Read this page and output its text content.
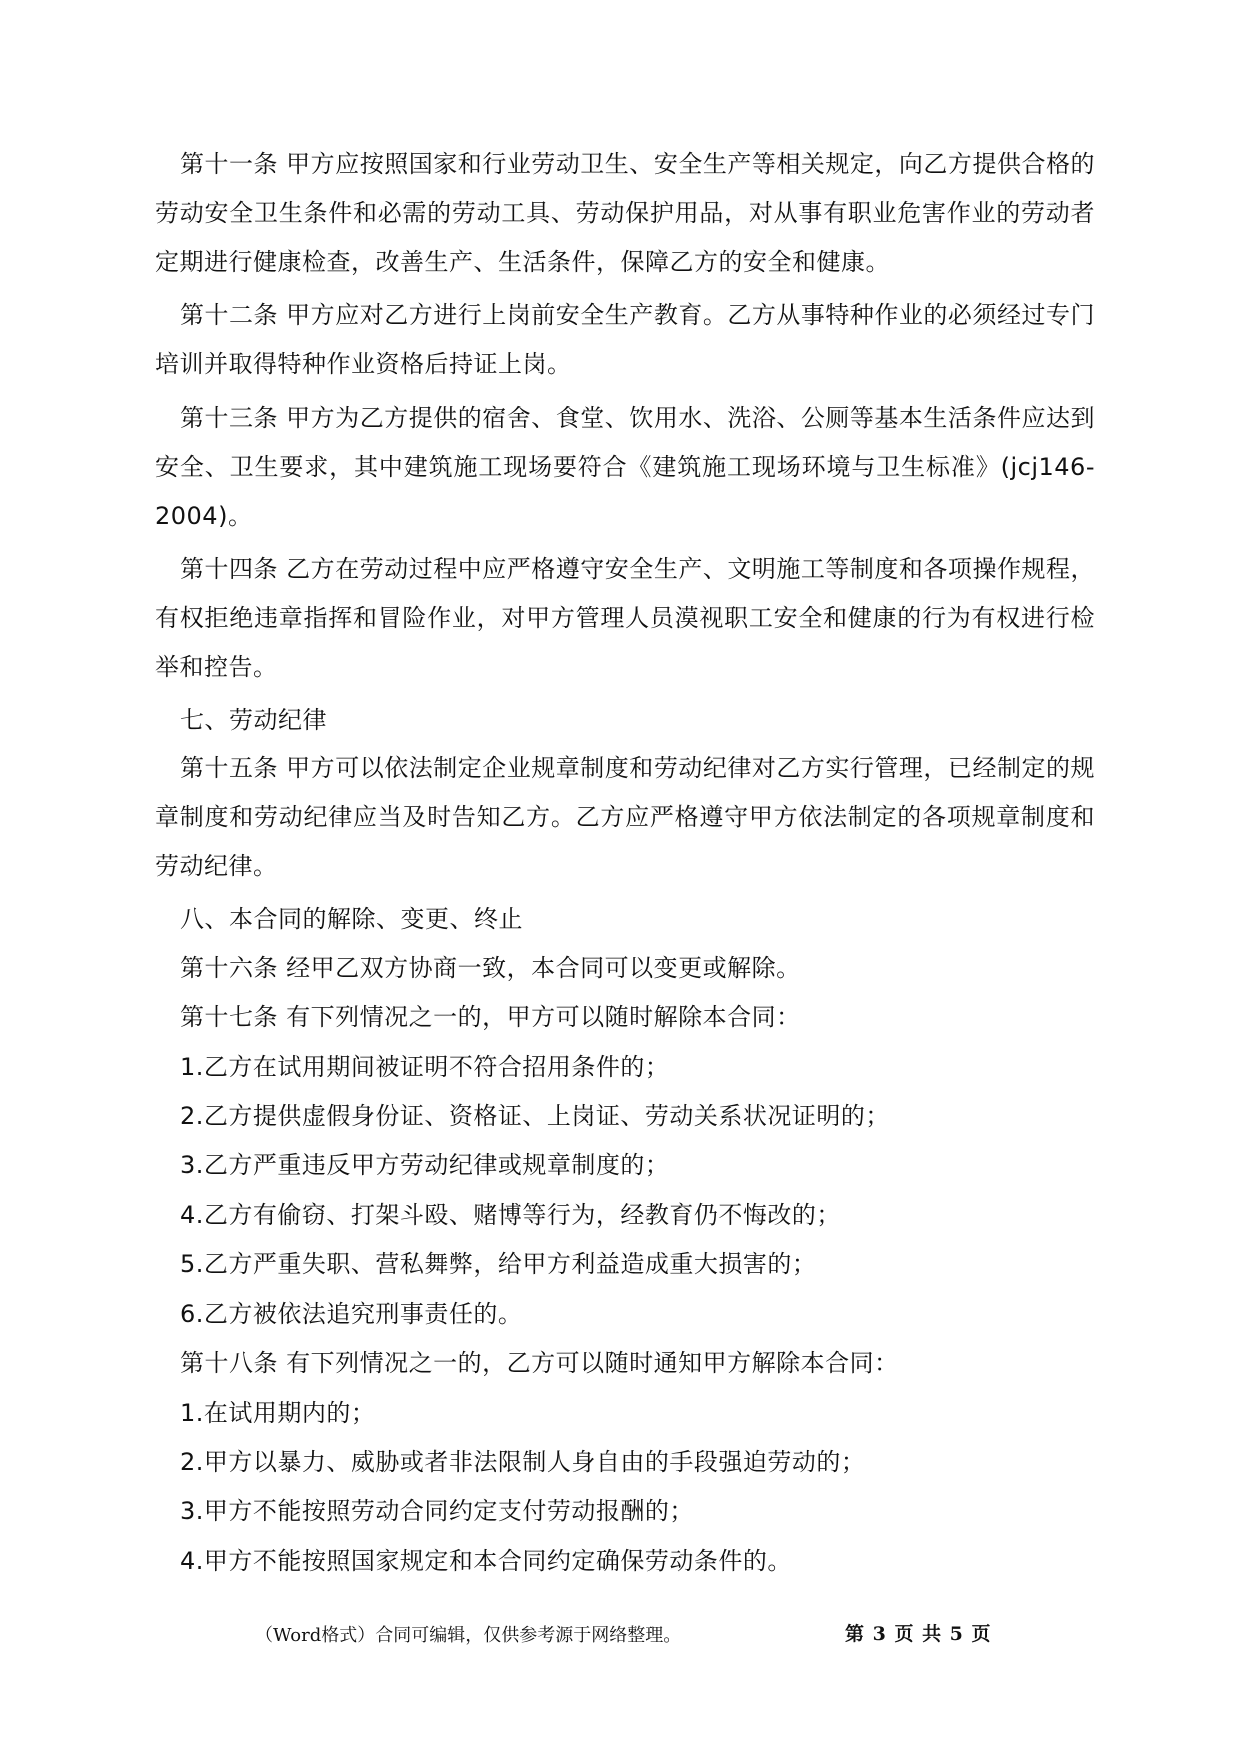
第十一条 甲方应按照国家和行业劳动卫生、安全生产等相关规定，向乙方提供合格的劳动安全卫生条件和必需的劳动工具、劳动保护用品，对从事有职业危害作业的劳动者定期进行健康检查，改善生产、生活条件，保障乙方的安全和健康。

第十二条 甲方应对乙方进行上岗前安全生产教育。乙方从事特种作业的必须经过专门培训并取得特种作业资格后持证上岗。

第十三条 甲方为乙方提供的宿舍、食堂、饮用水、洗浴、公厕等基本生活条件应达到安全、卫生要求，其中建筑施工现场要符合《建筑施工现场环境与卫生标准》(jcj146-2004)。

第十四条 乙方在劳动过程中应严格遵守安全生产、文明施工等制度和各项操作规程，有权拒绝违章指挥和冒险作业，对甲方管理人员漠视职工安全和健康的行为有权进行检举和控告。

七、劳动纪律

第十五条 甲方可以依法制定企业规章制度和劳动纪律对乙方实行管理，已经制定的规章制度和劳动纪律应当及时告知乙方。乙方应严格遵守甲方依法制定的各项规章制度和劳动纪律。

八、本合同的解除、变更、终止

第十六条 经甲乙双方协商一致，本合同可以变更或解除。

第十七条 有下列情况之一的，甲方可以随时解除本合同：

1.乙方在试用期间被证明不符合招用条件的；

2.乙方提供虚假身份证、资格证、上岗证、劳动关系状况证明的；

3.乙方严重违反甲方劳动纪律或规章制度的；

4.乙方有偷窃、打架斗殴、赌博等行为，经教育仍不悔改的；

5.乙方严重失职、营私舞弊，给甲方利益造成重大损害的；

6.乙方被依法追究刑事责任的。

第十八条 有下列情况之一的，乙方可以随时通知甲方解除本合同：

1.在试用期内的；

2.甲方以暴力、威胁或者非法限制人身自由的手段强迫劳动的；

3.甲方不能按照劳动合同约定支付劳动报酬的；

4.甲方不能按照国家规定和本合同约定确保劳动条件的。

（Word格式）合同可编辑，仅供参考源于网络整理。	第 3 页 共 5 页
